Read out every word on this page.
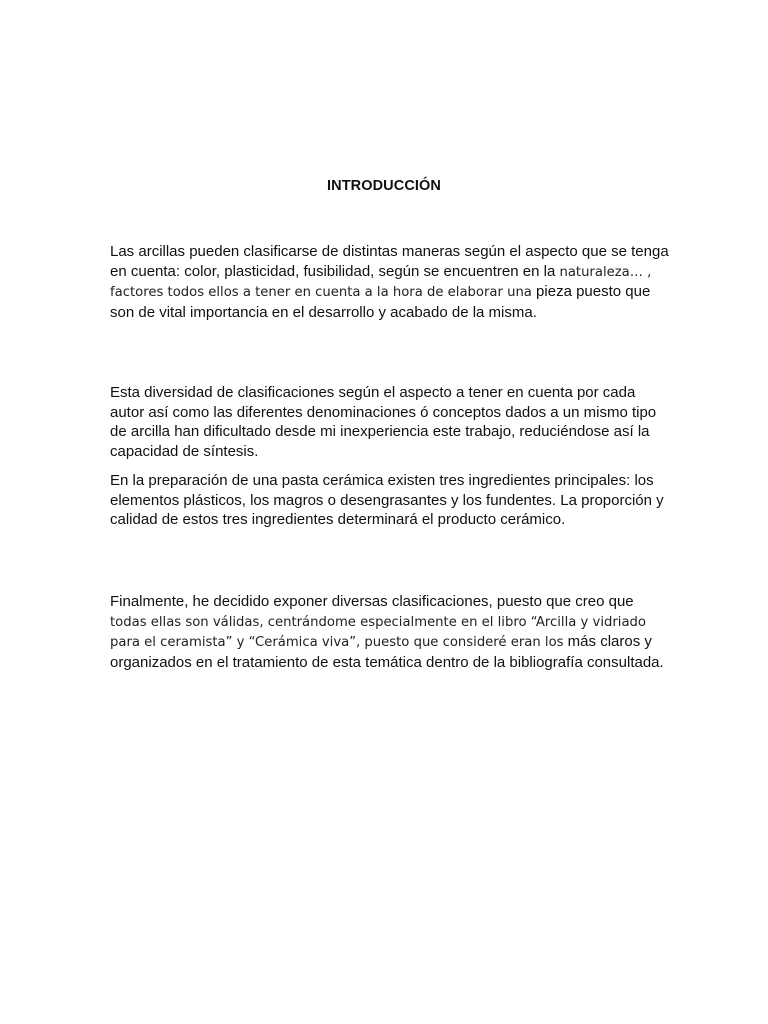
INTRODUCCIÓN

Las arcillas pueden clasificarse de distintas maneras según el aspecto que se tenga en cuenta: color, plasticidad, fusibilidad, según se encuentren en la naturaleza… , factores todos ellos a tener en cuenta a la hora de elaborar una pieza puesto que son de vital importancia en el desarrollo y acabado de la misma.

Esta diversidad de clasificaciones según el aspecto a tener en cuenta por cada autor así como las diferentes denominaciones ó conceptos dados a un mismo tipo de arcilla han dificultado desde mi inexperiencia este trabajo, reduciéndose así la capacidad de síntesis.

En la preparación de una pasta cerámica existen tres ingredientes principales: los elementos plásticos, los magros o desengrasantes y los fundentes. La proporción y calidad de estos tres ingredientes determinará el producto cerámico.

Finalmente, he decidido exponer diversas clasificaciones, puesto que creo que todas ellas son válidas, centrándome especialmente en el libro “Arcilla y vidriado para el ceramista” y “Cerámica viva”, puesto que consideré eran los más claros y organizados en el tratamiento de esta temática dentro de la bibliografía consultada.
